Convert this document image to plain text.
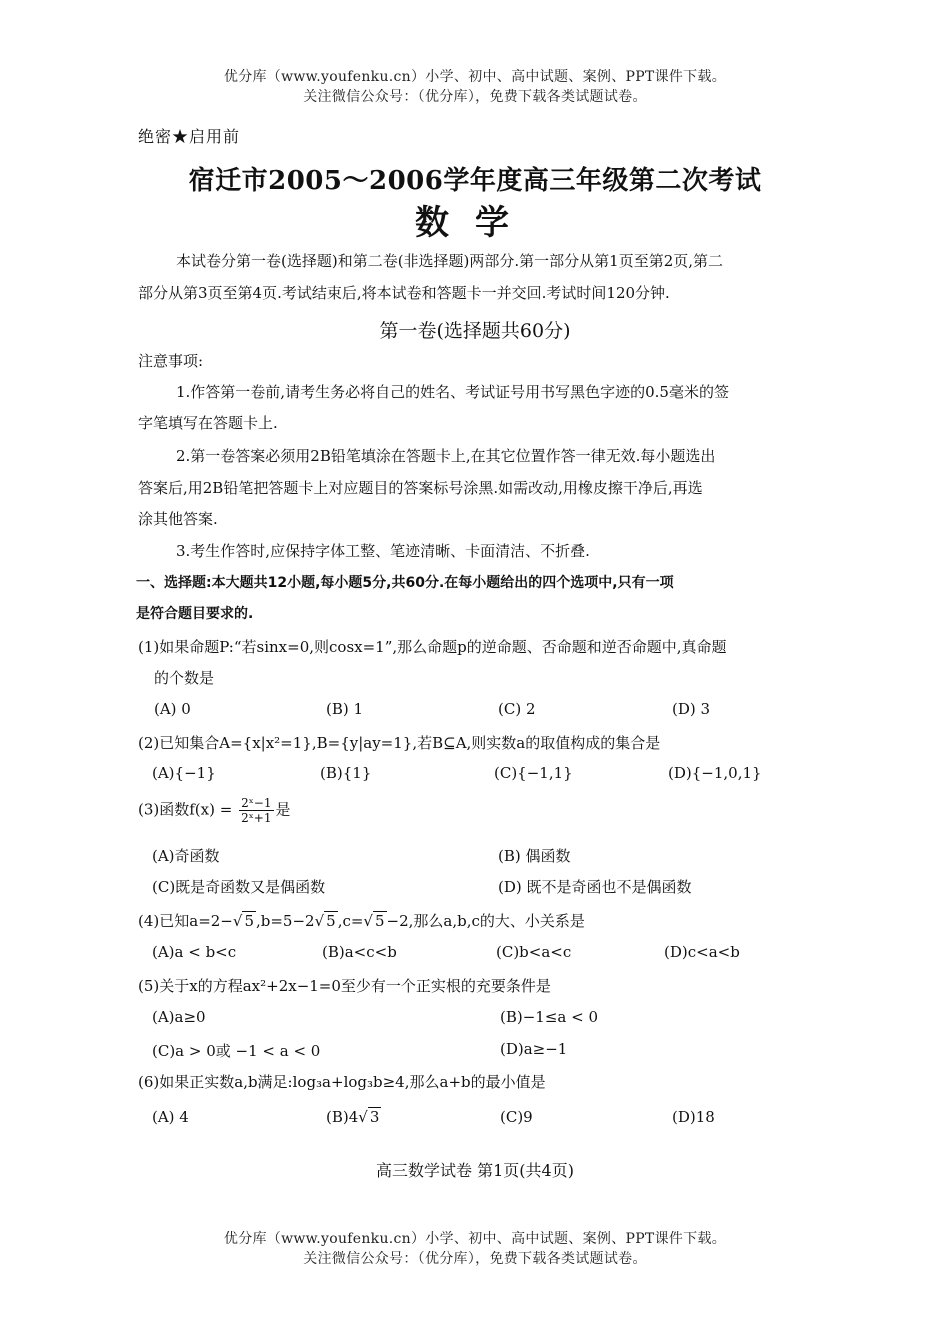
优分库（www.youfenku.cn）小学、初中、高中试题、案例、PPT课件下载。
关注微信公众号：（优分库），免费下载各类试题试卷。
绝密★启用前
宿迁市2005～2006学年度高三年级第二次考试
数学
本试卷分第一卷(选择题)和第二卷(非选择题)两部分.第一部分从第1页至第2页,第二
部分从第3页至第4页.考试结束后,将本试卷和答题卡一并交回.考试时间120分钟.
第一卷(选择题共60分)
注意事项:
1.作答第一卷前,请考生务必将自己的姓名、考试证号用书写黑色字迹的0.5毫米的签
字笔填写在答题卡上.
2.第一卷答案必须用2B铅笔填涂在答题卡上,在其它位置作答一律无效.每小题选出
答案后,用2B铅笔把答题卡上对应题目的答案标号涂黑.如需改动,用橡皮擦干净后,再选
涂其他答案.
3.考生作答时,应保持字体工整、笔迹清晰、卡面清洁、不折叠.
一、选择题:本大题共12小题,每小题5分,共60分.在每小题给出的四个选项中,只有一项
是符合题目要求的.
(1)如果命题P:“若sinx=0,则cosx=1”,那么命题p的逆命题、否命题和逆否命题中,真命题
的个数是
(A) 0	(B) 1	(C) 2	(D) 3
(2)已知集合A={x|x²=1},B={y|ay=1},若B⊆A,则实数a的取值构成的集合是
(A){−1}	(B){1}	(C){−1,1}	(D){−1,0,1}
(3)函数$f(x) = \frac{\text{2ˣ−1}}{\text{2ˣ+1}}$ 是
(A)奇函数	(B) 偶函数
(C)既是奇函数又是偶函数	(D) 既不是奇函也不是偶函数
(4)已知a=2−√ 5 ,b=5−2√ 5 ,c=√ 5 −2,那么a,b,c的大、小关系是
(A)a < b<c	(B)a<c<b	(C)b<a<c	(D)c<a<b
(5)关于x的方程ax²+2x−1=0至少有一个正实根的充要条件是
(A)a≥0	(B)−1≤a < 0
(C)a > 0或 −1 < a < 0	(D)a≥−1
(6)如果正实数a,b满足:log₃a+log₃b≥4,那么a+b的最小值是
(A) 4	(B)4√ 3	(C)9	(D)18
高三数学试卷 第1页(共4页)
优分库（www.youfenku.cn）小学、初中、高中试题、案例、PPT课件下载。
关注微信公众号：（优分库），免费下载各类试题试卷。
